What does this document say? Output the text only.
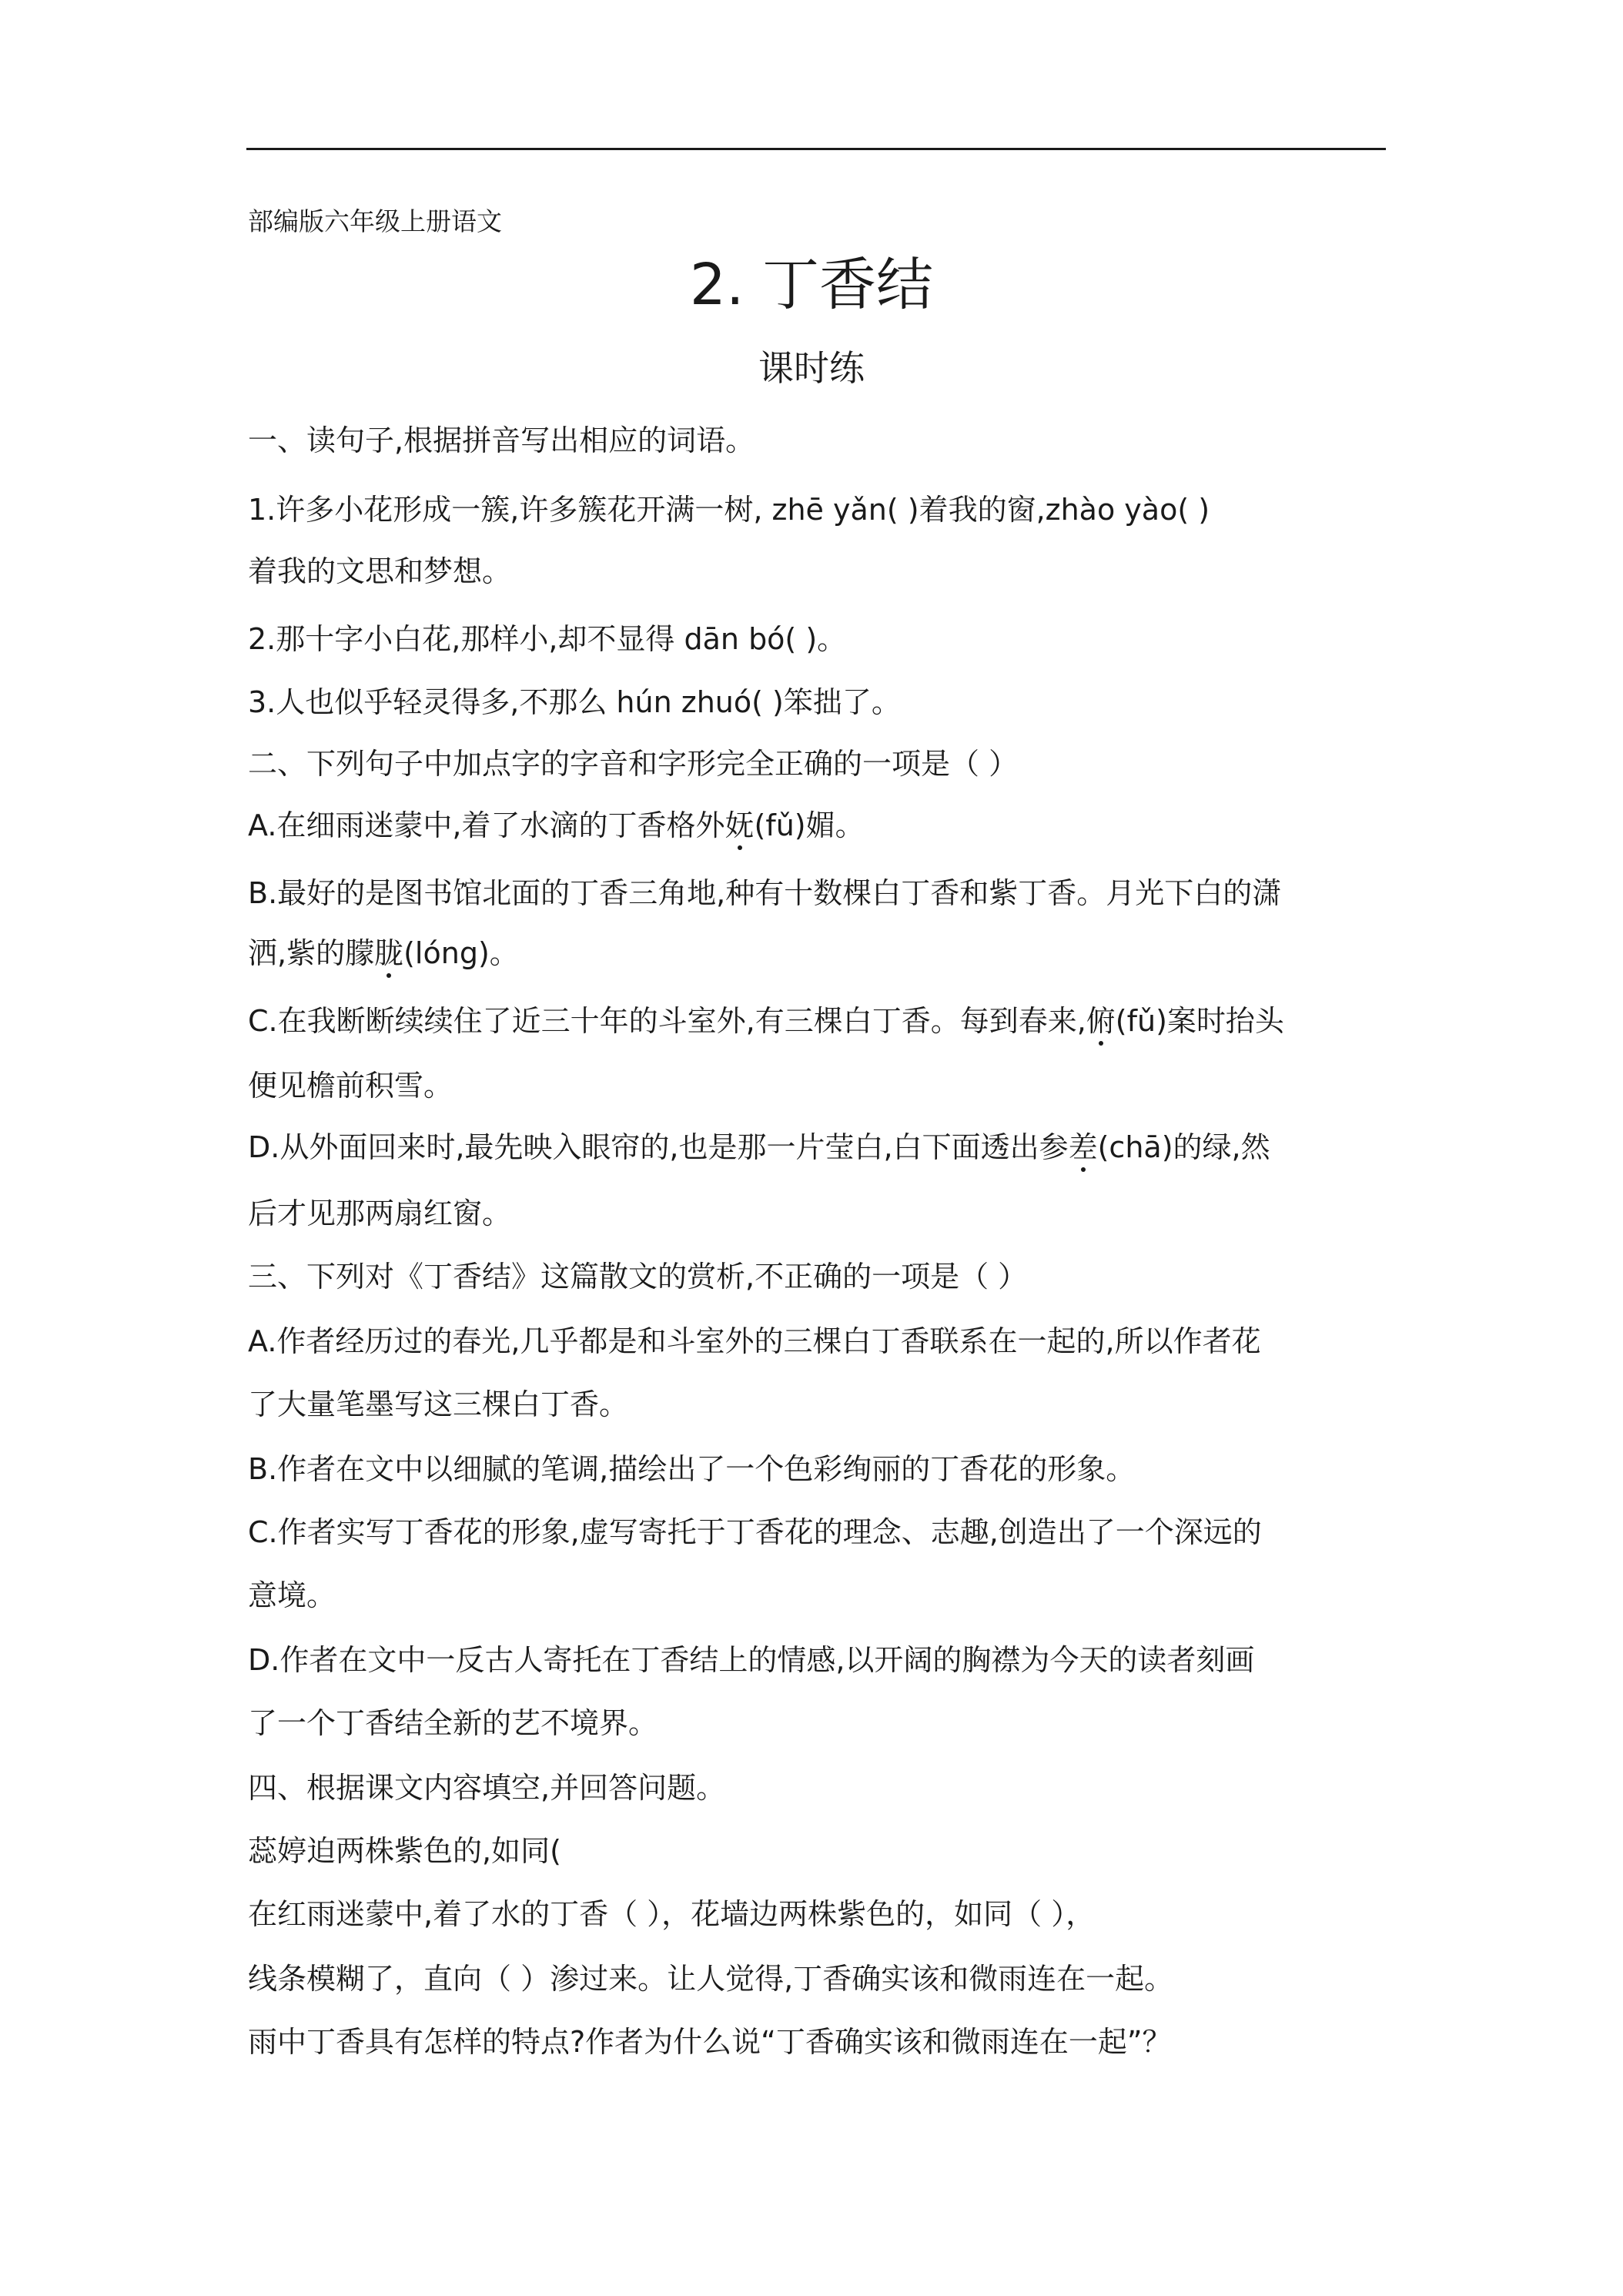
部编版六年级上册语文
2. 丁香结
课时练
一、读句子,根据拼音写出相应的词语。
1.许多小花形成一簇,许多簇花开满一树, zhē yǎn( )着我的窗,zhào yào( )
着我的文思和梦想。
2.那十字小白花,那样小,却不显得 dān bó( )。
3.人也似乎轻灵得多,不那么 hún zhuó( )笨拙了。
二、下列句子中加点字的字音和字形完全正确的一项是（ ）
A.在细雨迷蒙中,着了水滴的丁香格外妩(fǔ)媚。
B.最好的是图书馆北面的丁香三角地,种有十数棵白丁香和紫丁香。月光下白的潇
洒,紫的朦胧(lóng)。
C.在我断断续续住了近三十年的斗室外,有三棵白丁香。每到春来,俯(fǔ)案时抬头
便见檐前积雪。
D.从外面回来时,最先映入眼帘的,也是那一片莹白,白下面透出参差(chā)的绿,然
后才见那两扇红窗。
三、下列对《丁香结》这篇散文的赏析,不正确的一项是（ ）
A.作者经历过的春光,几乎都是和斗室外的三棵白丁香联系在一起的,所以作者花
了大量笔墨写这三棵白丁香。
B.作者在文中以细腻的笔调,描绘出了一个色彩绚丽的丁香花的形象。
C.作者实写丁香花的形象,虚写寄托于丁香花的理念、志趣,创造出了一个深远的
意境。
D.作者在文中一反古人寄托在丁香结上的情感,以开阔的胸襟为今天的读者刻画
了一个丁香结全新的艺不境界。
四、根据课文内容填空,并回答问题。
蕊婷迫两株紫色的,如同(
在红雨迷蒙中,着了水的丁香（ ），花墙边两株紫色的，如同（ ），
线条模糊了，直向（ ）渗过来。让人觉得,丁香确实该和微雨连在一起。
雨中丁香具有怎样的特点?作者为什么说“丁香确实该和微雨连在一起”？
